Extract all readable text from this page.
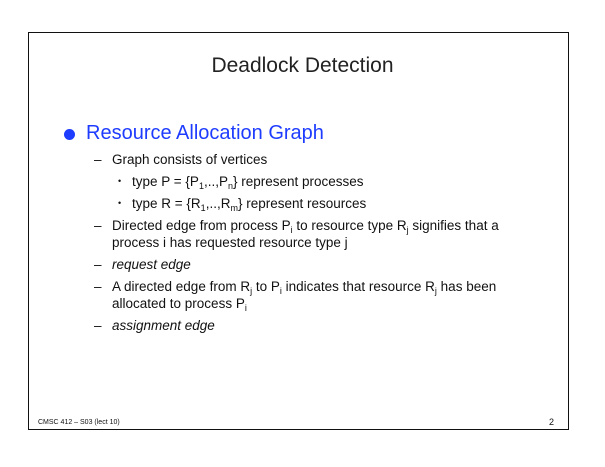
Deadlock Detection
Resource Allocation Graph
– Graph consists of vertices
• type $P = \{P_1,..,P_n\}$ represent processes
• type $R = \{R_1,..,R_m\}$ represent resources
– Directed edge from process $P_i$ to resource type $R_j$ signifies that a process i has requested resource type j
– request edge
– A directed edge from $R_j$ to $P_i$ indicates that resource $R_j$ has been allocated to process $P_i$
– assignment edge
CMSC 412 – S03 (lect 10)	2
